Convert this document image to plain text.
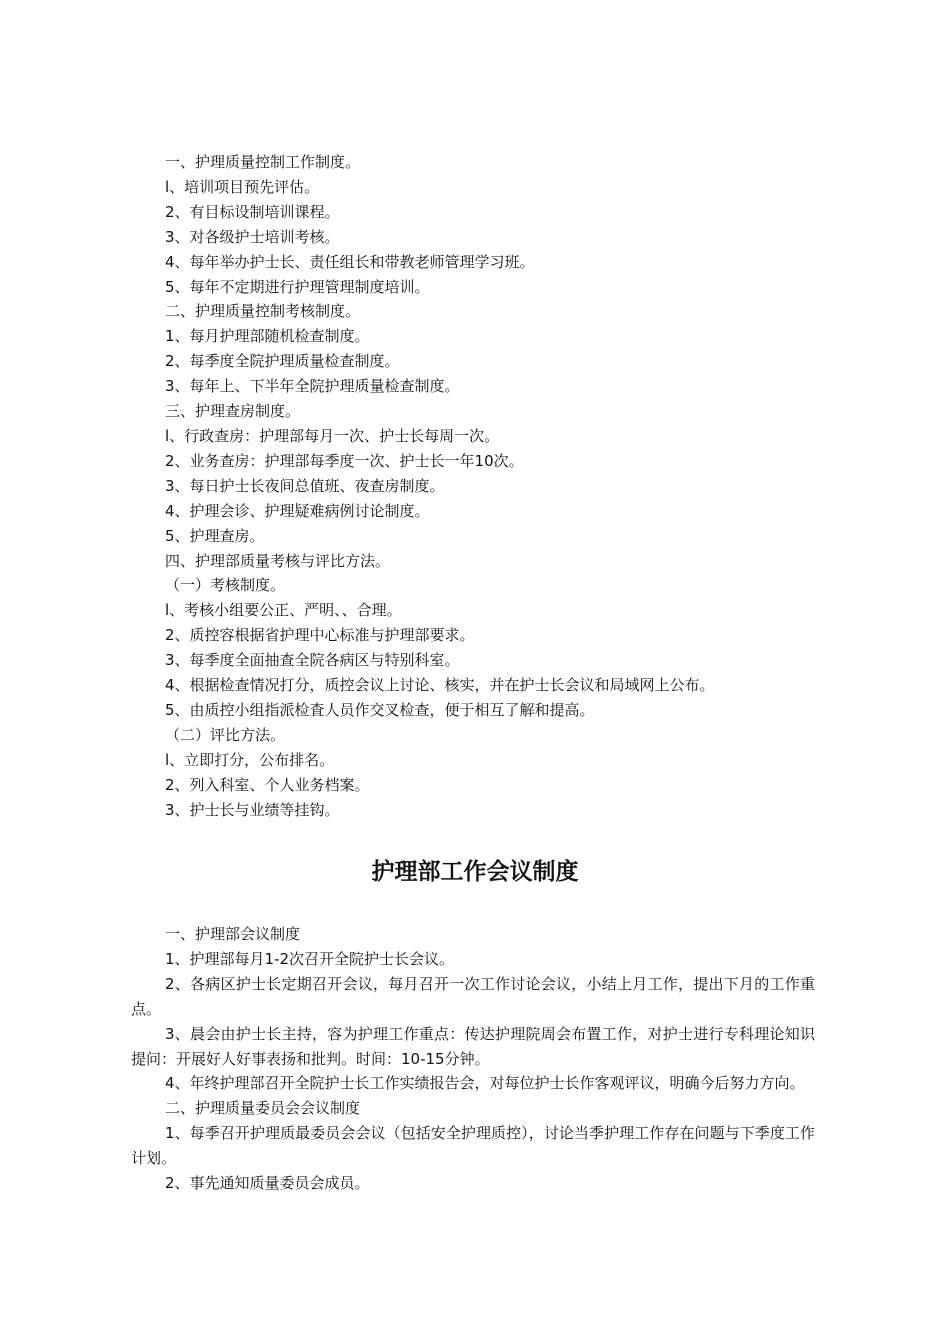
一、护理质量控制工作制度。
l、培训项目预先评估。
2、有目标设制培训课程。
3、对各级护士培训考核。
4、每年举办护士长、责任组长和带教老师管理学习班。
5、每年不定期进行护理管理制度培训。
二、护理质量控制考核制度。
1、每月护理部随机检查制度。
2、每季度全院护理质量检查制度。
3、每年上、下半年全院护理质量检查制度。
三、护理查房制度。
l、行政查房：护理部每月一次、护士长每周一次。
2、业务查房：护理部每季度一次、护士长一年10次。
3、每日护士长夜间总值班、夜查房制度。
4、护理会诊、护理疑难病例讨论制度。
5、护理查房。
四、护理部质量考核与评比方法。
（一）考核制度。
l、考核小组要公正、严明、、合理。
2、质控容根据省护理中心标准与护理部要求。
3、每季度全面抽查全院各病区与特别科室。
4、根据检查情况打分，质控会议上讨论、核实，并在护士长会议和局域网上公布。
5、由质控小组指派检査人员作交叉检查，便于相互了解和提高。
（二）评比方法。
l、立即打分，公布排名。
2、列入科室、个人业务档案。
3、护士长与业绩等挂钩。
护理部工作会议制度

一、护理部会议制度

1、护理部每月1-2次召开全院护士长会议。

2、各病区护士长定期召开会议，每月召开一次工作讨论会议，小结上月工作，提出下月的工作重点。

3、晨会由护士长主持，容为护理工作重点：传达护理院周会布置工作，对护士进行专科理论知识提问：开展好人好事表扬和批判。时间：10-15分钟。

4、年终护理部召开全院护士长工作实绩报告会，对每位护士长作客观评议，明确今后努力方向。

二、护理质量委员会会议制度

1、每季召开护理质最委员会会议（包括安全护理质控），讨论当季护理工作存在问题与下季度工作计划。

2、事先通知质量委员会成员。
